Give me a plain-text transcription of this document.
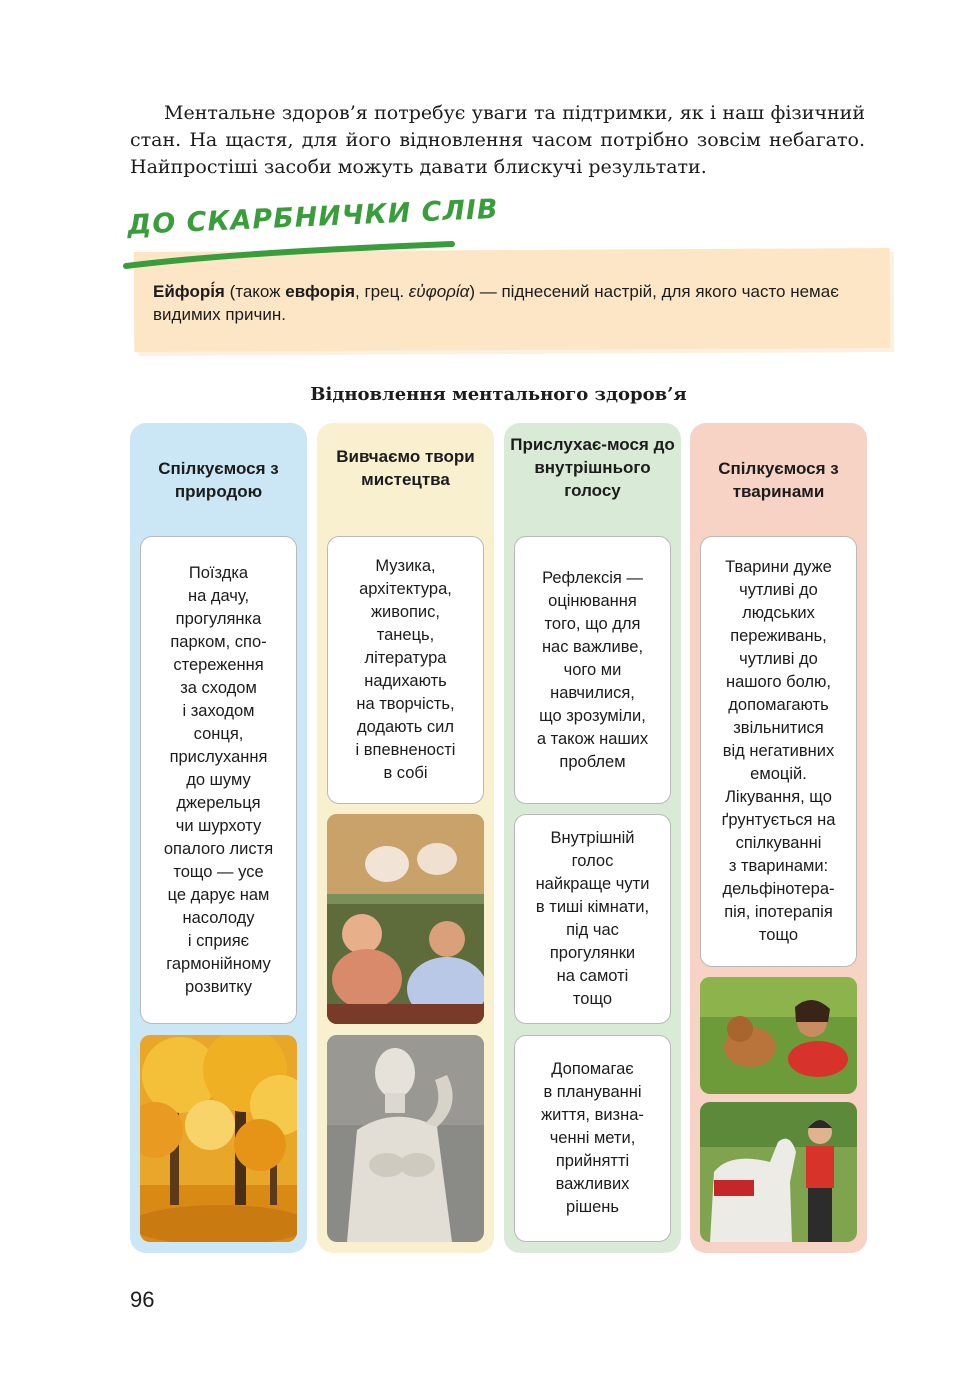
Ментальне здоров’я потребує уваги та підтримки, як і наш фізичний стан. На щастя, для його відновлення часом потрібно зовсім небагато. Найпростіші засоби можуть давати блискучі результати.

ДО СКАРБНИЧКИ СЛІВ

Ейфорі́я (також евфорія, грец. εὐφορία) — піднесений настрій, для якого часто немає видимих причин.

Відновлення ментального здоров’я

Спілкуємося з природою

Поїздка
на дачу,
прогулянка
парком, спо-
стереження
за сходом
і заходом
сонця,
прислухання
до шуму
джерельця
чи шурхоту
опалого листя
тощо — усе
це дарує нам
насолоду
і сприяє
гармонійному
розвитку

Вивчаємо твори мистецтва

Музика,
архітектура,
живопис,
танець,
література
надихають
на творчість,
додають сил
і впевненості
в собі

Прислухає-мося до внутрішнього голосу

Рефлексія —
оцінювання
того, що для
нас важливе,
чого ми
навчилися,
що зрозуміли,
а також наших
проблем
Внутрішній
голос
найкраще чути
в тиші кімнати,
під час
прогулянки
на самоті
тощо
Допомагає
в плануванні
життя, визна-
ченні мети,
прийнятті
важливих
рішень

Спілкуємося з тваринами

Тварини дуже
чутливі до
людських
переживань,
чутливі до
нашого болю,
допомагають
звільнитися
від негативних
емоцій.
Лікування, що
ґрунтується на
спілкуванні
з тваринами:
дельфінотера-
пія, іпотерапія
тощо

96
